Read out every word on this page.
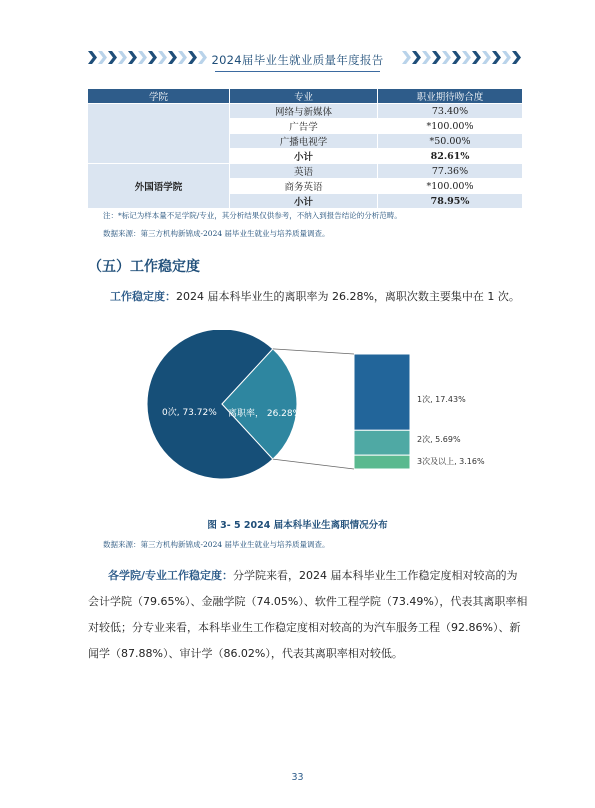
2024届毕业生就业质量年度报告
学院	专业	职业期待吻合度
	网络与新媒体	73.40%
	广告学	*100.00%
	广播电视学	*50.00%
	小计	82.61%
外国语学院	英语	77.36%
	商务英语	*100.00%
	小计	78.95%
注：*标记为样本量不足学院/专业，其分析结果仅供参考，不纳入到报告结论的分析范畴。
数据来源：第三方机构新锦成-2024 届毕业生就业与培养质量调查。
（五）工作稳定度
工作稳定度：2024 届本科毕业生的离职率为 26.28%，离职次数主要集中在 1 次。
1次, 17.43%
2次, 5.69%
3次及以上, 3.16%
0次, 73.72% 离职率， 26.28%
图 3- 5 2024 届本科毕业生离职情况分布
数据来源：第三方机构新锦成-2024 届毕业生就业与培养质量调查。
各学院/专业工作稳定度：分学院来看，2024 届本科毕业生工作稳定度相对较高的为会计学院（79.65%）、金融学院（74.05%）、软件工程学院（73.49%），代表其离职率相对较低；分专业来看，本科毕业生工作稳定度相对较高的为汽车服务工程（92.86%）、新闻学（87.88%）、审计学（86.02%），代表其离职率相对较低。
33
